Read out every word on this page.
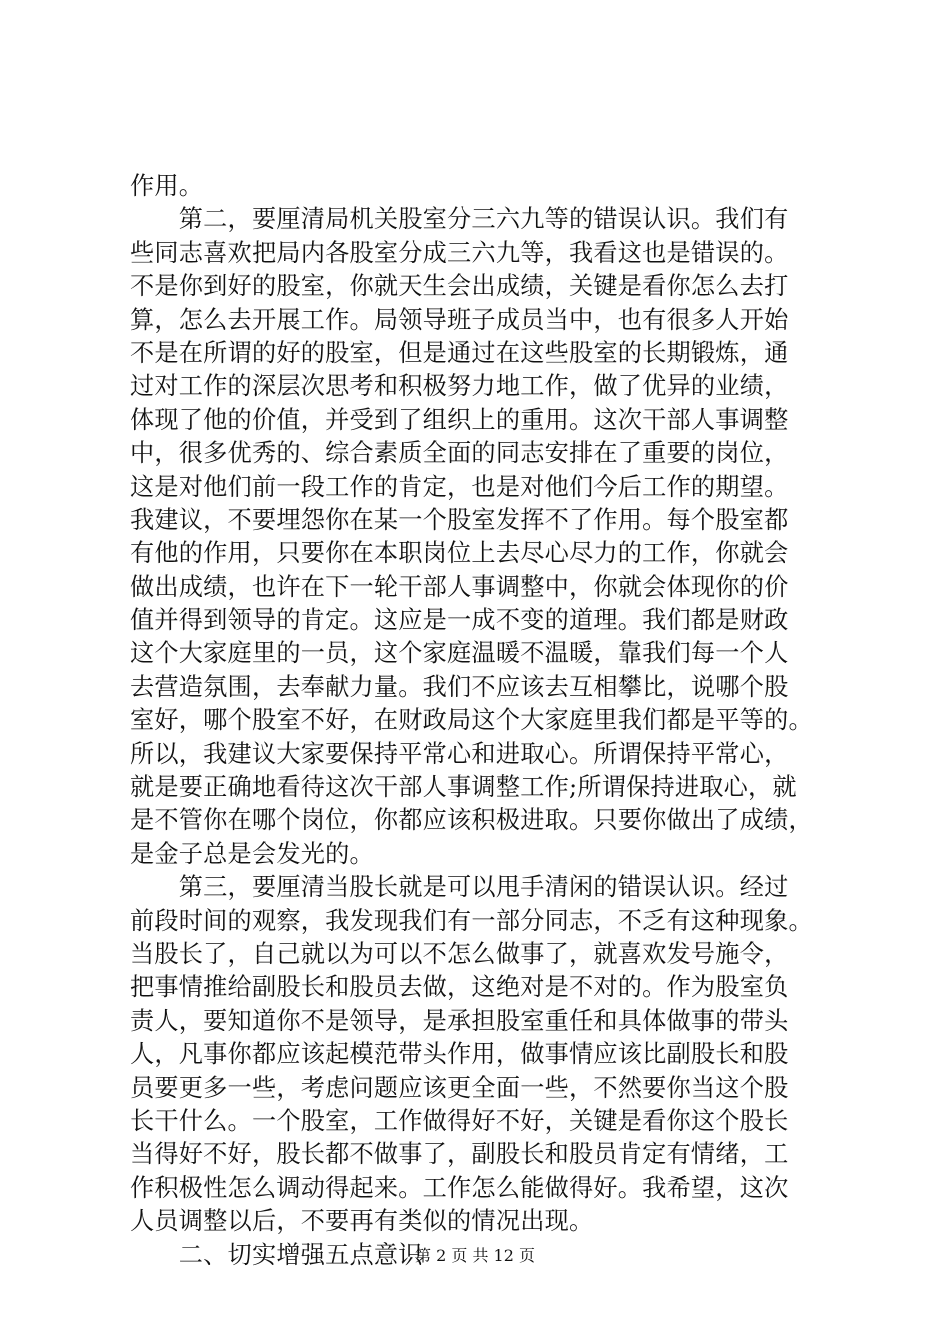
作用。
　　第二，要厘清局机关股室分三六九等的错误认识。我们有
些同志喜欢把局内各股室分成三六九等，我看这也是错误的。
不是你到好的股室，你就天生会出成绩，关键是看你怎么去打
算，怎么去开展工作。局领导班子成员当中，也有很多人开始
不是在所谓的好的股室，但是通过在这些股室的长期锻炼，通
过对工作的深层次思考和积极努力地工作，做了优异的业绩，
体现了他的价值，并受到了组织上的重用。这次干部人事调整
中，很多优秀的、综合素质全面的同志安排在了重要的岗位，
这是对他们前一段工作的肯定，也是对他们今后工作的期望。
我建议，不要埋怨你在某一个股室发挥不了作用。每个股室都
有他的作用，只要你在本职岗位上去尽心尽力的工作，你就会
做出成绩，也许在下一轮干部人事调整中，你就会体现你的价
值并得到领导的肯定。这应是一成不变的道理。我们都是财政
这个大家庭里的一员，这个家庭温暖不温暖，靠我们每一个人
去营造氛围，去奉献力量。我们不应该去互相攀比，说哪个股
室好，哪个股室不好，在财政局这个大家庭里我们都是平等的。
所以，我建议大家要保持平常心和进取心。所谓保持平常心，
就是要正确地看待这次干部人事调整工作;所谓保持进取心，就
是不管你在哪个岗位，你都应该积极进取。只要你做出了成绩，
是金子总是会发光的。
　　第三，要厘清当股长就是可以甩手清闲的错误认识。经过
前段时间的观察，我发现我们有一部分同志，不乏有这种现象。
当股长了，自己就以为可以不怎么做事了，就喜欢发号施令，
把事情推给副股长和股员去做，这绝对是不对的。作为股室负
责人，要知道你不是领导，是承担股室重任和具体做事的带头
人，凡事你都应该起模范带头作用，做事情应该比副股长和股
员要更多一些，考虑问题应该更全面一些，不然要你当这个股
长干什么。一个股室，工作做得好不好，关键是看你这个股长
当得好不好，股长都不做事了，副股长和股员肯定有情绪，工
作积极性怎么调动得起来。工作怎么能做得好。我希望，这次
人员调整以后，不要再有类似的情况出现。
　　二、切实增强五点意识
第 2 页 共 12 页
